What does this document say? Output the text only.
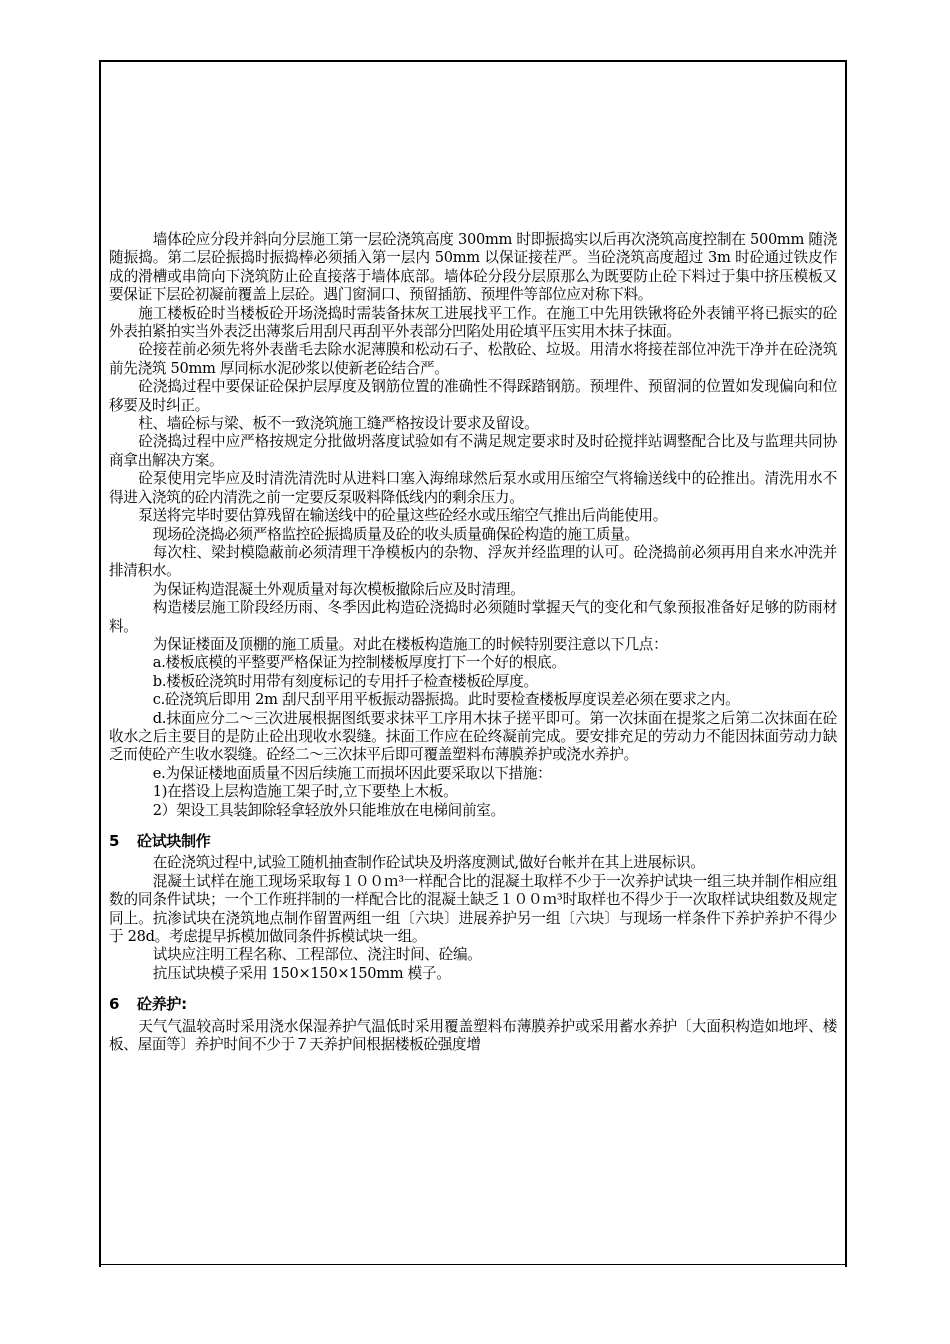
墙体砼应分段并斜向分层施工第一层砼浇筑高度 300mm 时即振捣实以后再次浇筑高度控制在 500mm 随浇随振捣。第二层砼振捣时振捣棒必须插入第一层内 50mm 以保证接茬严。当砼浇筑高度超过 3m 时砼通过铁皮作成的滑槽或串筒向下浇筑防止砼直接落于墙体底部。墙体砼分段分层原那么为既要防止砼下料过于集中挤压模板又要保证下层砼初凝前覆盖上层砼。遇门窗洞口、预留插筋、预埋件等部位应对称下料。

施工楼板砼时当楼板砼开场浇捣时需装备抹灰工进展找平工作。在施工中先用铁锹将砼外表铺平将已振实的砼外表拍紧拍实当外表泛出薄浆后用刮尺再刮平外表部分凹陷处用砼填平压实用木抹子抹面。

砼接茬前必须先将外表凿毛去除水泥薄膜和松动石子、松散砼、垃圾。用清水将接茬部位冲洗干净并在砼浇筑前先浇筑 50mm 厚同标水泥砂浆以使新老砼结合严。

砼浇捣过程中要保证砼保护层厚度及钢筋位置的准确性不得踩踏钢筋。预埋件、预留洞的位置如发现偏向和位移要及时纠正。

柱、墙砼标与梁、板不一致浇筑施工缝严格按设计要求及留设。

砼浇捣过程中应严格按规定分批做坍落度试验如有不满足规定要求时及时砼搅拌站调整配合比及与监理共同协商拿出解决方案。

砼泵使用完毕应及时清洗清洗时从进料口塞入海绵球然后泵水或用压缩空气将输送线中的砼推出。清洗用水不得进入浇筑的砼内清洗之前一定要反泵吸料降低线内的剩余压力。

泵送将完毕时要估算残留在输送线中的砼量这些砼经水或压缩空气推出后尚能使用。

现场砼浇捣必须严格监控砼振捣质量及砼的收头质量确保砼构造的施工质量。

每次柱、梁封模隐蔽前必须清理干净模板内的杂物、浮灰并经监理的认可。砼浇捣前必须再用自来水冲洗并排清积水。

为保证构造混凝土外观质量对每次模板撤除后应及时清理。

构造楼层施工阶段经历雨、冬季因此构造砼浇捣时必须随时掌握天气的变化和气象预报准备好足够的防雨材料。

为保证楼面及顶棚的施工质量。对此在楼板构造施工的时候特别要注意以下几点：

a.楼板底模的平整要严格保证为控制楼板厚度打下一个好的根底。

b.楼板砼浇筑时用带有刻度标记的专用扦子检查楼板砼厚度。

c.砼浇筑后即用 2m 刮尺刮平用平板振动器振捣。此时要检查楼板厚度误差必须在要求之内。

d.抹面应分二～三次进展根据图纸要求抹平工序用木抹子搓平即可。第一次抹面在提浆之后第二次抹面在砼收水之后主要目的是防止砼出现收水裂缝。抹面工作应在砼终凝前完成。要安排充足的劳动力不能因抹面劳动力缺乏而使砼产生收水裂缝。砼经二～三次抹平后即可覆盖塑料布薄膜养护或浇水养护。

e.为保证楼地面质量不因后续施工而损坏因此要采取以下措施：

1)在搭设上层构造施工架子时,立下要垫上木板。

2）架设工具装卸除轻拿轻放外只能堆放在电梯间前室。

5 砼试块制作

在砼浇筑过程中,试验工随机抽查制作砼试块及坍落度测试,做好台帐并在其上进展标识。

混凝土试样在施工现场采取每１００ｍ³一样配合比的混凝土取样不少于一次养护试块一组三块并制作相应组数的同条件试块；一个工作班拌制的一样配合比的混凝土缺乏１００ｍ³时取样也不得少于一次取样试块组数及规定同上。抗渗试块在浇筑地点制作留置两组一组〔六块〕进展养护另一组〔六块〕与现场一样条件下养护养护不得少于 28d。考虑提早拆模加做同条件拆模试块一组。

试块应注明工程名称、工程部位、浇注时间、砼编。

抗压试块模子采用 150×150×150mm 模子。

6 砼养护:

天气气温较高时采用浇水保湿养护气温低时采用覆盖塑料布薄膜养护或采用蓄水养护〔大面积构造如地坪、楼板、屋面等〕养护时间不少于７天养护间根据楼板砼强度增
